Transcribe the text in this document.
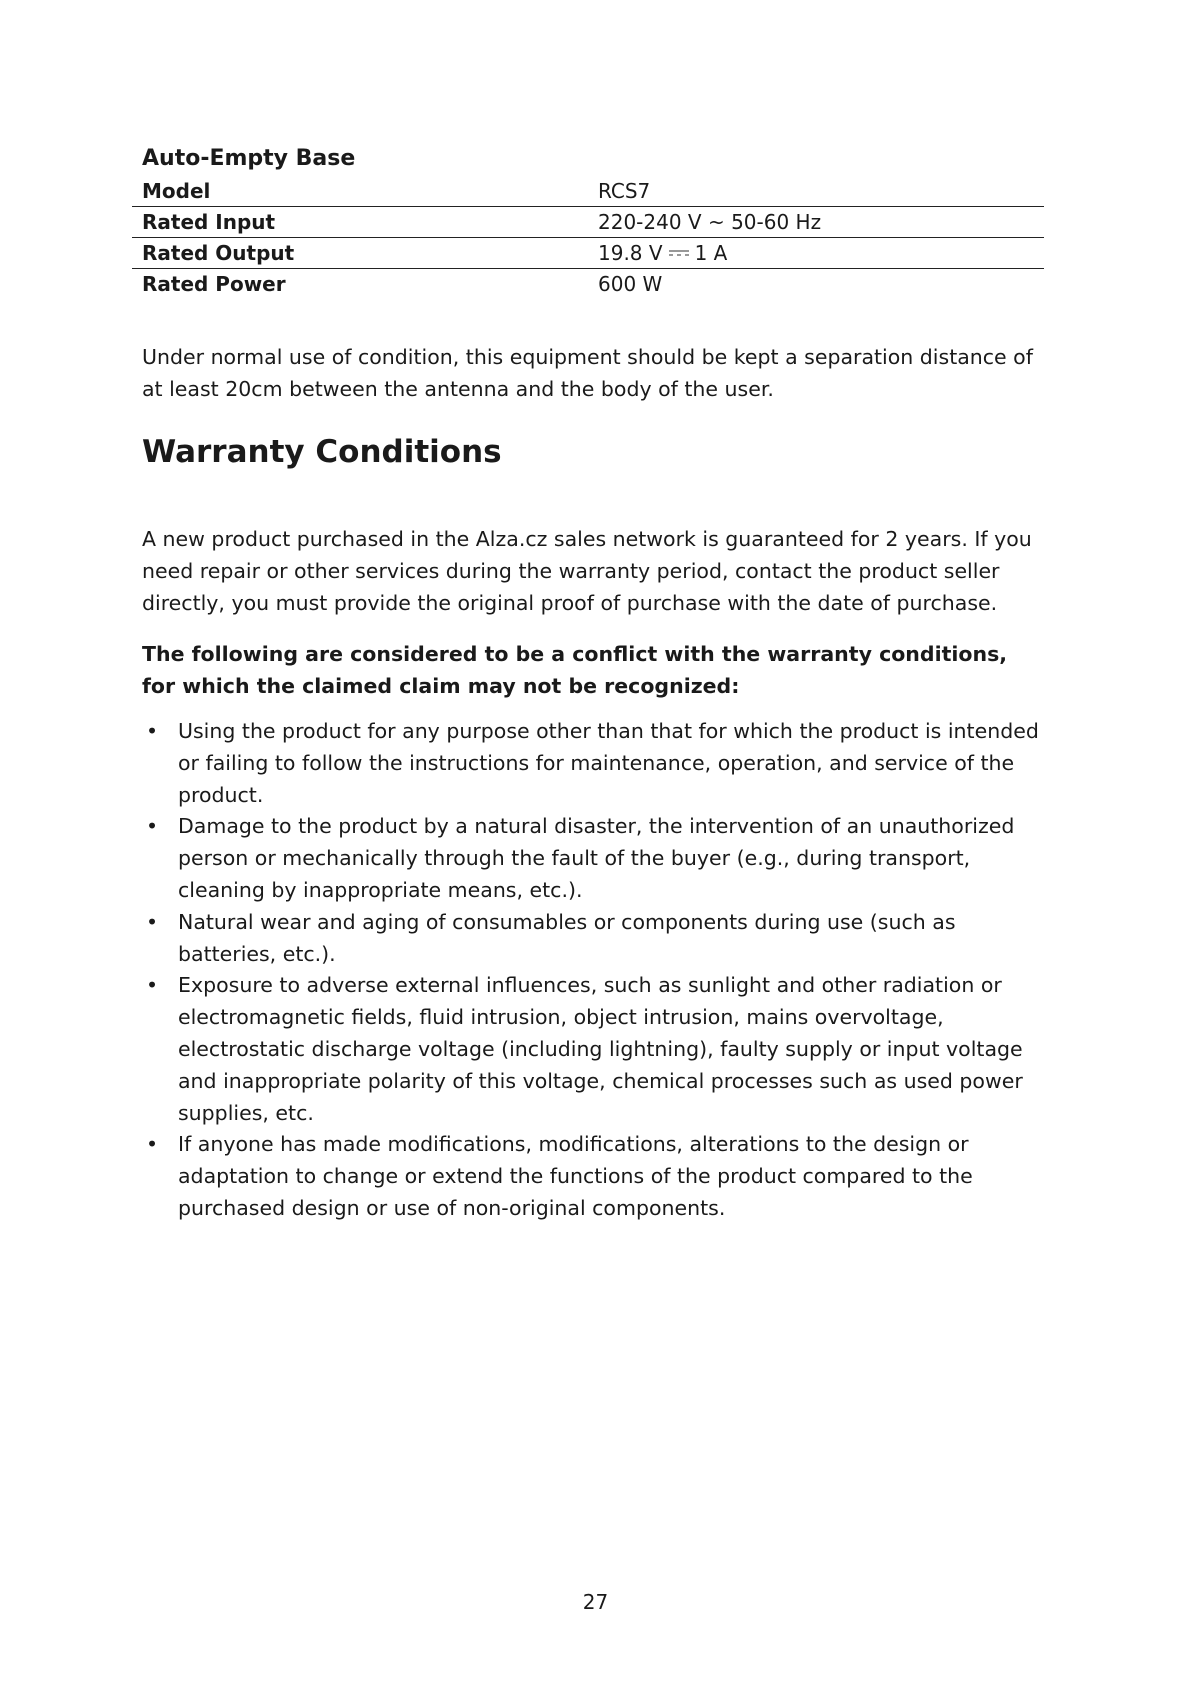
Auto-Empty Base

Model	RCS7
Rated Input	220-240 V ~ 50-60 Hz
Rated Output	19.8 V 1 A
Rated Power	600 W

Under normal use of condition, this equipment should be kept a separation distance of at least 20cm between the antenna and the body of the user.

Warranty Conditions

A new product purchased in the Alza.cz sales network is guaranteed for 2 years. If you need repair or other services during the warranty period, contact the product seller directly, you must provide the original proof of purchase with the date of purchase.

The following are considered to be a conflict with the warranty conditions, for which the claimed claim may not be recognized:

• Using the product for any purpose other than that for which the product is intended or failing to follow the instructions for maintenance, operation, and service of the product.
• Damage to the product by a natural disaster, the intervention of an unauthorized person or mechanically through the fault of the buyer (e.g., during transport, cleaning by inappropriate means, etc.).
• Natural wear and aging of consumables or components during use (such as batteries, etc.).
• Exposure to adverse external influences, such as sunlight and other radiation or electromagnetic fields, fluid intrusion, object intrusion, mains overvoltage, electrostatic discharge voltage (including lightning), faulty supply or input voltage and inappropriate polarity of this voltage, chemical processes such as used power supplies, etc.
• If anyone has made modifications, modifications, alterations to the design or adaptation to change or extend the functions of the product compared to the purchased design or use of non-original components.

27
